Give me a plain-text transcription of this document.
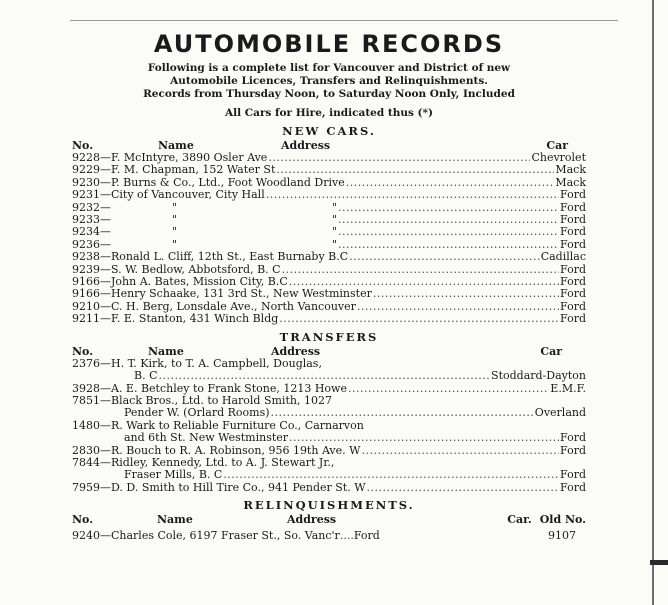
AUTOMOBILE RECORDS
Following is a complete list for Vancouver and District of new
Automobile Licences, Transfers and Relinquishments.
Records from Thursday Noon, to Saturday Noon Only, Included
All Cars for Hire, indicated thus (*)
NEW CARS.
No.	Name	Address	Car
9228—F. McIntyre, 3890 Osler Ave .....	Chevrolet
9229—F. M. Chapman, 152 Water St .....	Mack
9230—P. Burns & Co., Ltd., Foot Woodland Drive .....	Mack
9231—City of Vancouver, City Hall .....	Ford
9232—	"	" .....	Ford
9233—	"	" .....	Ford
9234—	"	" .....	Ford
9236—	"	" .....	Ford
9238—Ronald L. Cliff, 12th St., East Burnaby B.C .....	Cadillac
9239—S. W. Bedlow, Abbotsford, B. C .....	Ford
9166—John A. Bates, Mission City, B.C .....	Ford
9166—Henry Schaake, 131 3rd St., New Westminster .....	Ford
9210—C. H. Berg, Lonsdale Ave., North Vancouver .....	Ford
9211—F. E. Stanton, 431 Winch Bldg .....	Ford
TRANSFERS
No.	Name	Address	Car
2376—H. T. Kirk, to T. A. Campbell, Douglas,
B. C .....	Stoddard-Dayton
3928—A. E. Betchley to Frank Stone, 1213 Howe .....	E.M.F.
7851—Black Bros., Ltd. to Harold Smith, 1027
Pender W. (Orlard Rooms) .....	Overland
1480—R. Wark to Reliable Furniture Co., Carnarvon
and 6th St. New Westminster .....	Ford
2830—R. Bouch to R. A. Robinson, 956 19th Ave. W .....	Ford
7844—Ridley, Kennedy, Ltd. to A. J. Stewart Jr.,
Fraser Mills, B. C .....	Ford
7959—D. D. Smith to Hill Tire Co., 941 Pender St. W .....	Ford
RELINQUISHMENTS.
No.	Name	Address	Car. Old No.
9240—Charles Cole, 6197 Fraser St., So. Vanc'r .... Ford	9107
